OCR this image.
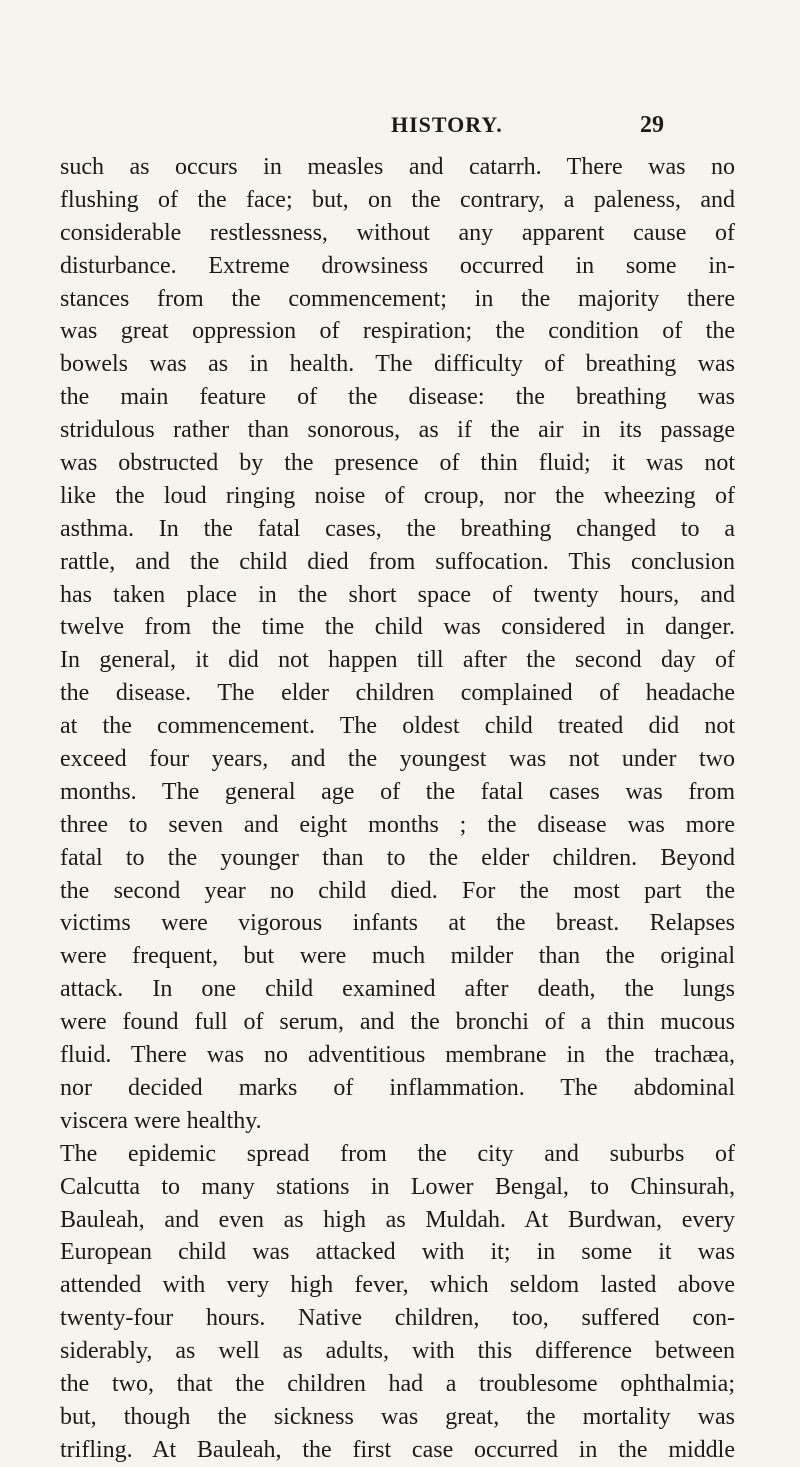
HISTORY.	29
such as occurs in measles and catarrh. There was no
flushing of the face; but, on the contrary, a paleness, and
considerable restlessness, without any apparent cause of
disturbance. Extreme drowsiness occurred in some in-
stances from the commencement; in the majority there
was great oppression of respiration; the condition of the
bowels was as in health. The difficulty of breathing was
the main feature of the disease: the breathing was
stridulous rather than sonorous, as if the air in its passage
was obstructed by the presence of thin fluid; it was not
like the loud ringing noise of croup, nor the wheezing of
asthma. In the fatal cases, the breathing changed to a
rattle, and the child died from suffocation. This conclusion
has taken place in the short space of twenty hours, and
twelve from the time the child was considered in danger.
In general, it did not happen till after the second day of
the disease. The elder children complained of headache
at the commencement. The oldest child treated did not
exceed four years, and the youngest was not under two
months. The general age of the fatal cases was from
three to seven and eight months ; the disease was more
fatal to the younger than to the elder children. Beyond
the second year no child died. For the most part the
victims were vigorous infants at the breast. Relapses
were frequent, but were much milder than the original
attack. In one child examined after death, the lungs
were found full of serum, and the bronchi of a thin mucous
fluid. There was no adventitious membrane in the trachæa,
nor decided marks of inflammation. The abdominal
viscera were healthy.
The epidemic spread from the city and suburbs of
Calcutta to many stations in Lower Bengal, to Chinsurah,
Bauleah, and even as high as Muldah. At Burdwan, every
European child was attacked with it; in some it was
attended with very high fever, which seldom lasted above
twenty-four hours. Native children, too, suffered con-
siderably, as well as adults, with this difference between
the two, that the children had a troublesome ophthalmia;
but, though the sickness was great, the mortality was
trifling. At Bauleah, the first case occurred in the middle
